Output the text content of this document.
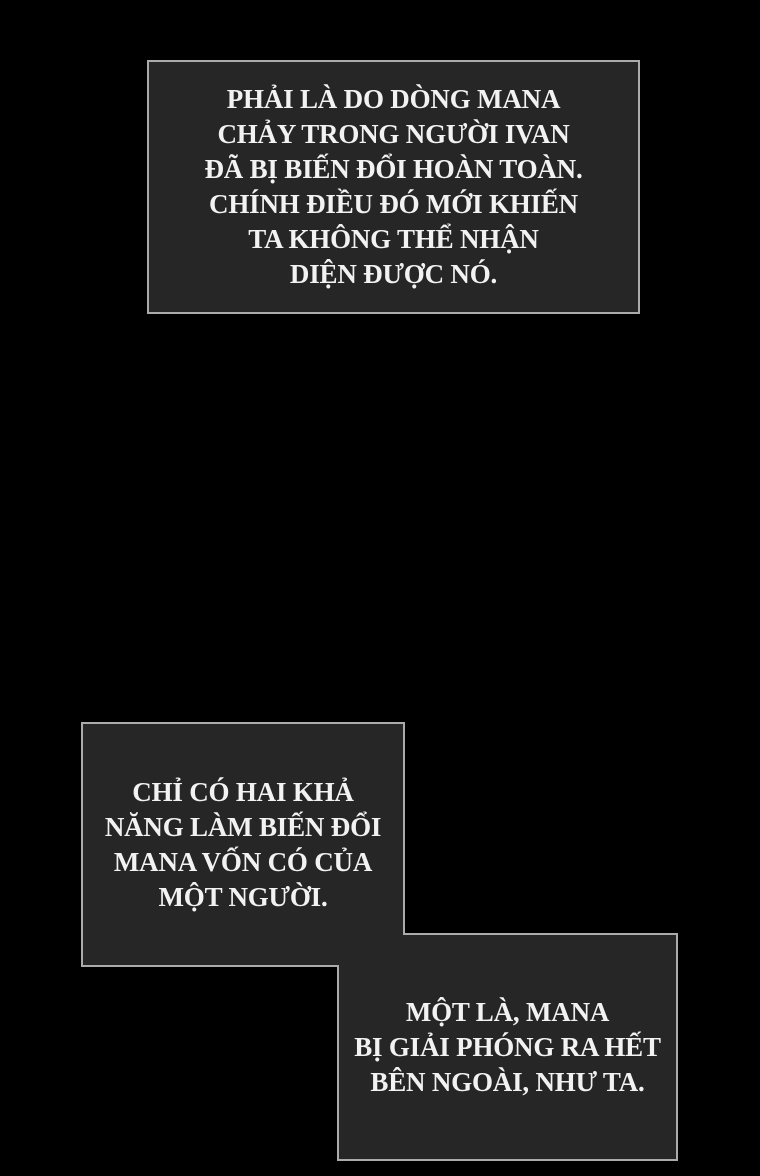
PHẢI LÀ DO DÒNG MANA
CHẢY TRONG NGƯỜI IVAN
ĐÃ BỊ BIẾN ĐỔI HOÀN TOÀN.
CHÍNH ĐIỀU ĐÓ MỚI KHIẾN
TA KHÔNG THỂ NHẬN
DIỆN ĐƯỢC NÓ.
CHỈ CÓ HAI KHẢ
NĂNG LÀM BIẾN ĐỔI
MANA VỐN CÓ CỦA
MỘT NGƯỜI.
MỘT LÀ, MANA
BỊ GIẢI PHÓNG RA HẾT
BÊN NGOÀI, NHƯ TA.
